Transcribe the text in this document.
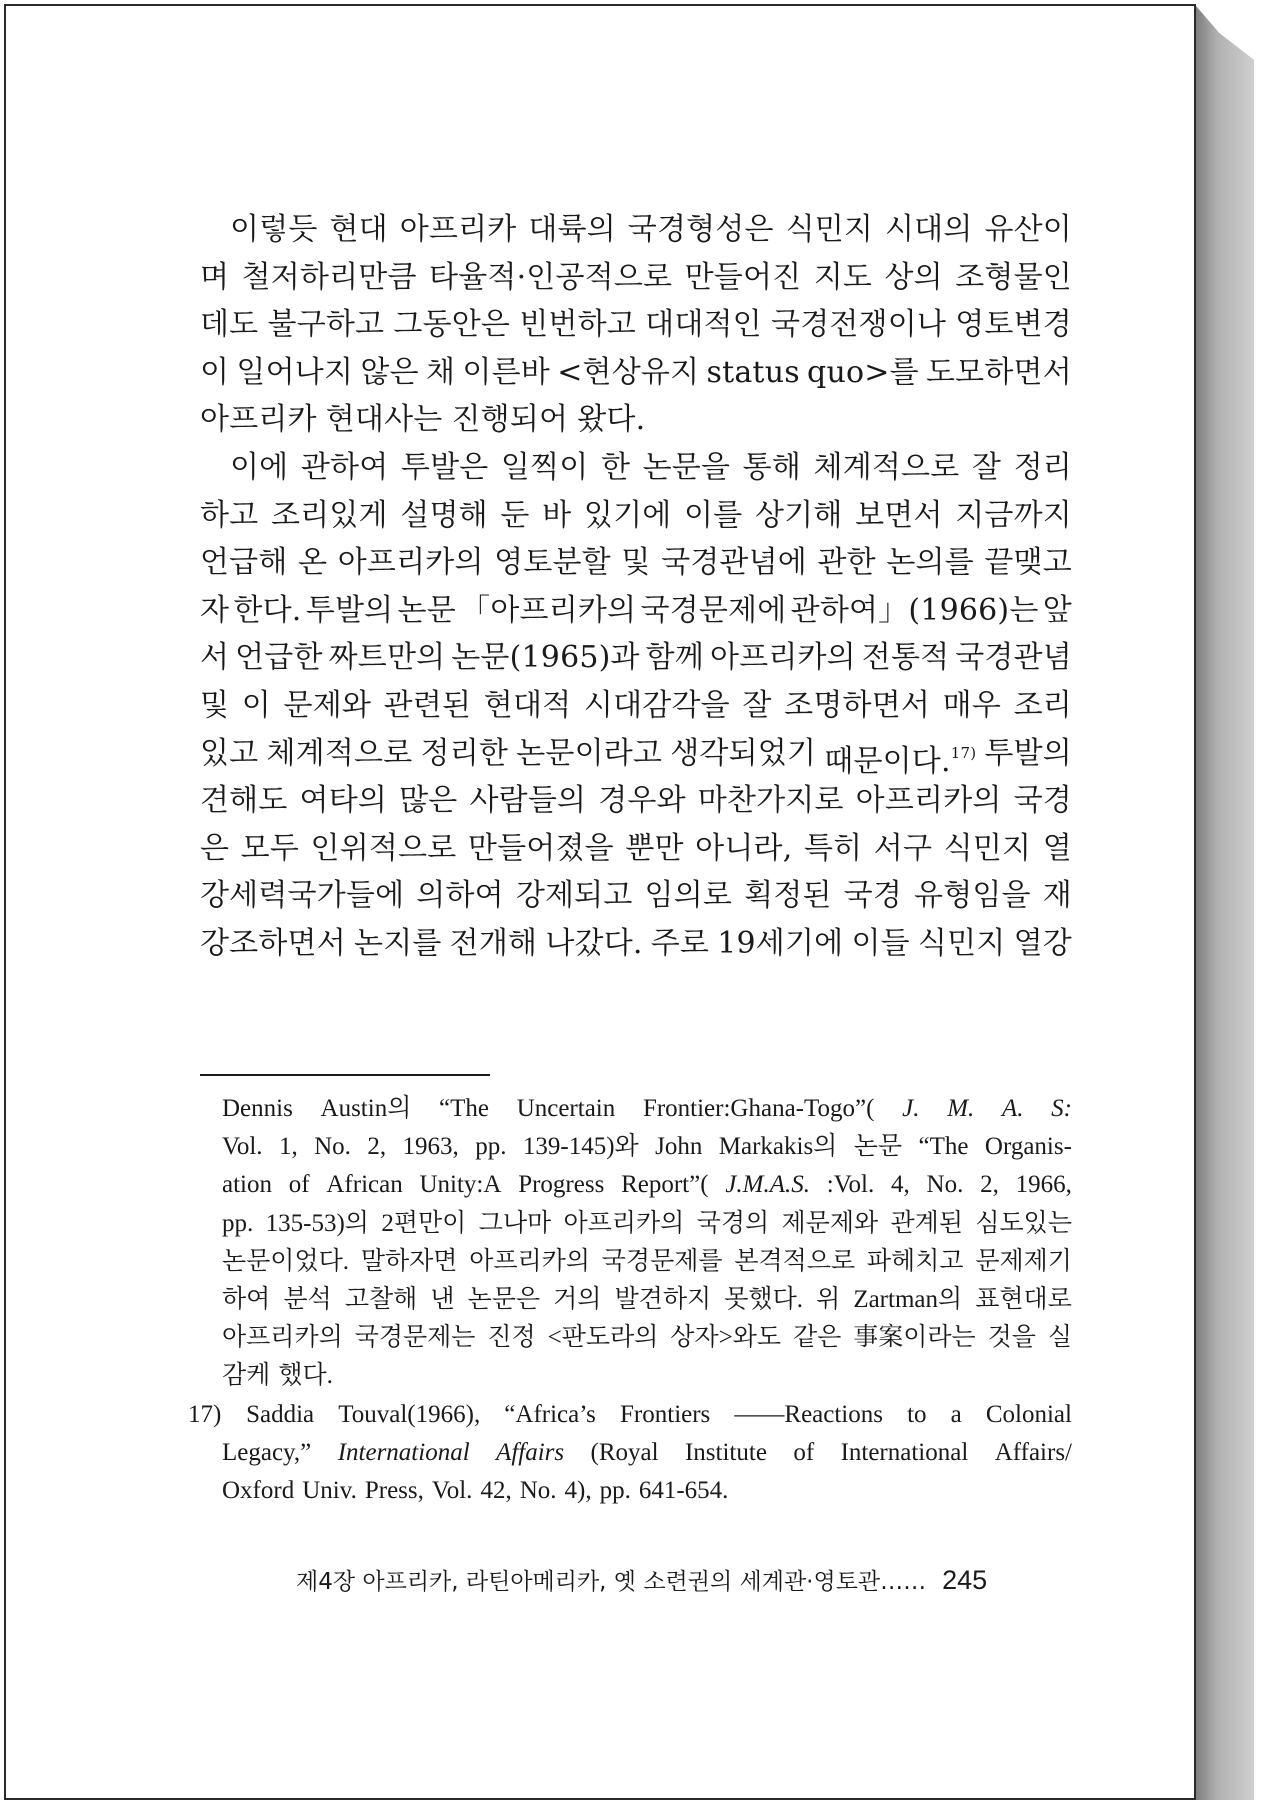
이렇듯 현대 아프리카 대륙의 국경형성은 식민지 시대의 유산이
며 철저하리만큼 타율적·인공적으로 만들어진 지도 상의 조형물인
데도 불구하고 그동안은 빈번하고 대대적인 국경전쟁이나 영토변경
이 일어나지 않은 채 이른바 <현상유지 status quo>를 도모하면서
아프리카 현대사는 진행되어 왔다.
이에 관하여 투발은 일찍이 한 논문을 통해 체계적으로 잘 정리
하고 조리있게 설명해 둔 바 있기에 이를 상기해 보면서 지금까지
언급해 온 아프리카의 영토분할 및 국경관념에 관한 논의를 끝맺고
자 한다. 투발의 논문 「아프리카의 국경문제에 관하여」(1966)는 앞
서 언급한 짜트만의 논문(1965)과 함께 아프리카의 전통적 국경관념
및 이 문제와 관련된 현대적 시대감각을 잘 조명하면서 매우 조리
있고 체계적으로 정리한 논문이라고 생각되었기 때문이다.17) 투발의
견해도 여타의 많은 사람들의 경우와 마찬가지로 아프리카의 국경
은 모두 인위적으로 만들어졌을 뿐만 아니라, 특히 서구 식민지 열
강세력국가들에 의하여 강제되고 임의로 획정된 국경 유형임을 재
강조하면서 논지를 전개해 나갔다. 주로 19세기에 이들 식민지 열강
Dennis Austin의 “The Uncertain Frontier:Ghana-Togo”( J. M. A. S:
Vol. 1, No. 2, 1963, pp. 139-145)와 John Markakis의 논문 “The Organis-
ation of African Unity:A Progress Report”( J.M.A.S. :Vol. 4, No. 2, 1966,
pp. 135-53)의 2편만이 그나마 아프리카의 국경의 제문제와 관계된 심도있는
논문이었다. 말하자면 아프리카의 국경문제를 본격적으로 파헤치고 문제제기
하여 분석 고찰해 낸 논문은 거의 발견하지 못했다. 위 Zartman의 표현대로
아프리카의 국경문제는 진정 <판도라의 상자>와도 같은 事案이라는 것을 실
감케 했다.
17) Saddia Touval(1966), “Africa’s Frontiers ——Reactions to a Colonial
Legacy,” International Affairs (Royal Institute of International Affairs/
Oxford Univ. Press, Vol. 42, No. 4), pp. 641-654.
제4장 아프리카, 라틴아메리카, 옛 소련권의 세계관·영토관…… 245
